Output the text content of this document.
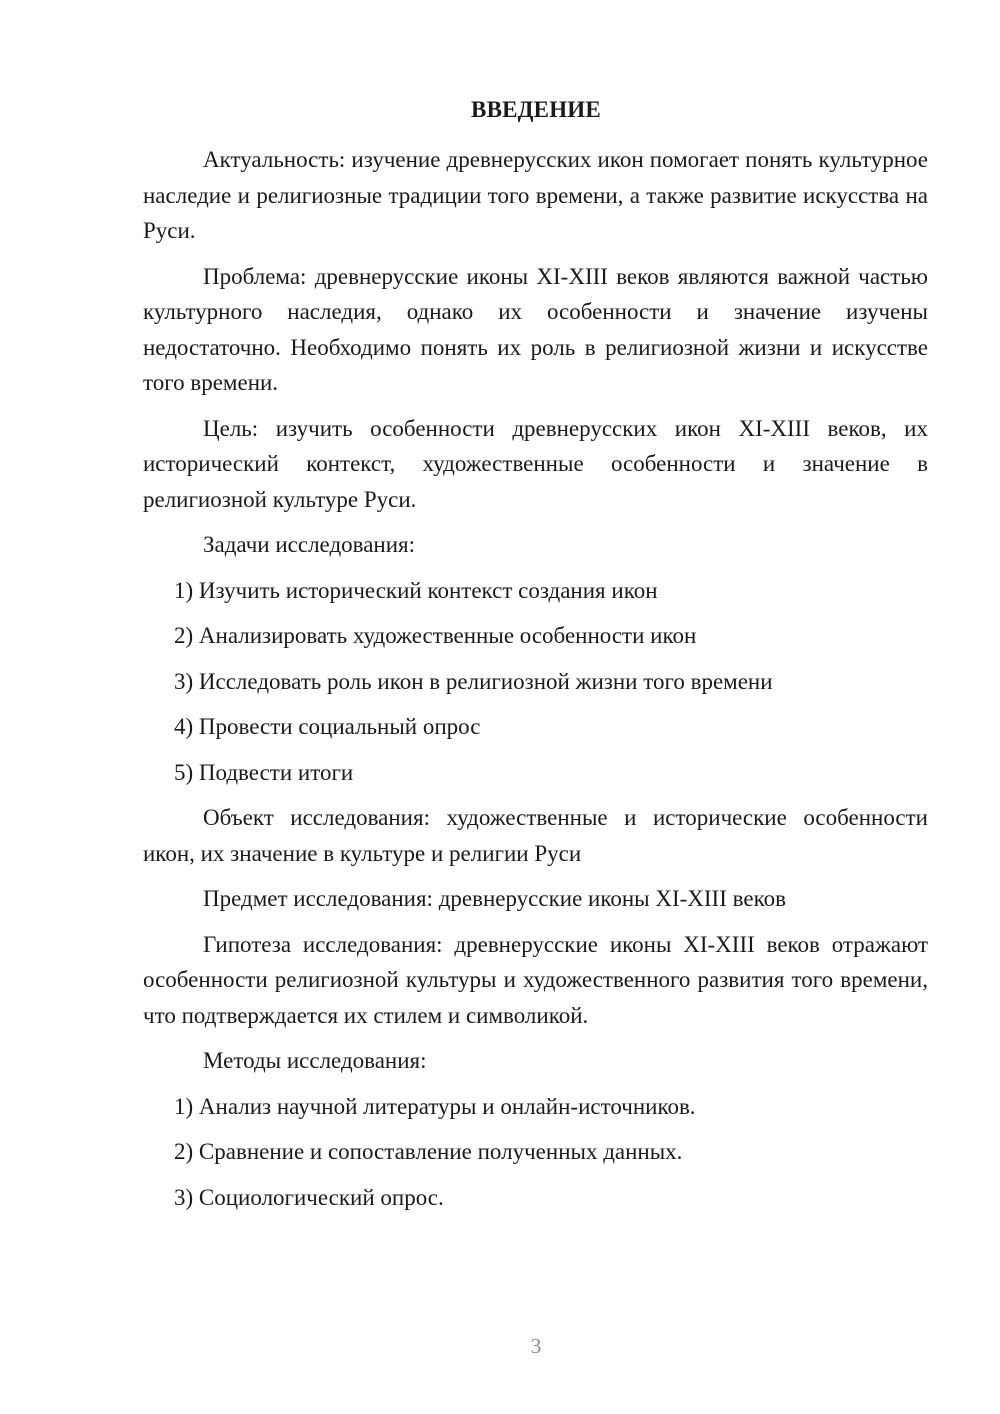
ВВЕДЕНИЕ

Актуальность: изучение древнерусских икон помогает понять культурное наследие и религиозные традиции того времени, а также развитие искусства на Руси.

Проблема: древнерусские иконы XI-XIII веков являются важной частью культурного наследия, однако их особенности и значение изучены недостаточно. Необходимо понять их роль в религиозной жизни и искусстве того времени.

Цель: изучить особенности древнерусских икон XI-XIII веков, их исторический контекст, художественные особенности и значение в религиозной культуре Руси.

Задачи исследования:

1) Изучить исторический контекст создания икон
2) Анализировать художественные особенности икон
3) Исследовать роль икон в религиозной жизни того времени
4) Провести социальный опрос
5) Подвести итоги

Объект исследования: художественные и исторические особенности икон, их значение в культуре и религии Руси

Предмет исследования: древнерусские иконы XI-XIII веков

Гипотеза исследования: древнерусские иконы XI-XIII веков отражают особенности религиозной культуры и художественного развития того времени, что подтверждается их стилем и символикой.

Методы исследования:

1) Анализ научной литературы и онлайн-источников.
2) Сравнение и сопоставление полученных данных.
3) Социологический опрос.
3
